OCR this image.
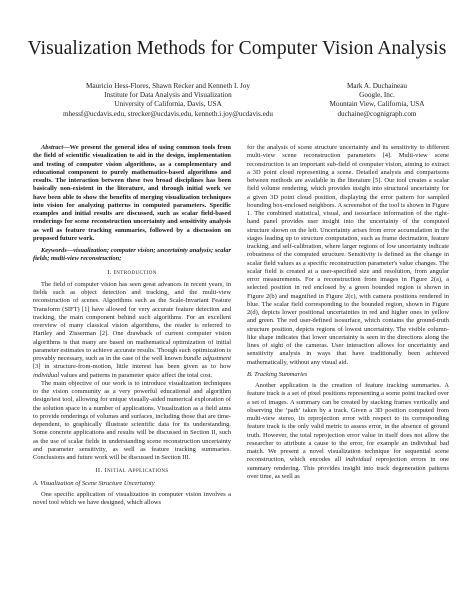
Visualization Methods for Computer Vision Analysis
Mauricio Hess-Flores, Shawn Recker and Kenneth I. Joy
Institute for Data Analysis and Visualization
University of California, Davis, USA
mhessf@ucdavis.edu, strecker@ucdavis.edu, kenneth.i.joy@ucdavis.edu
Mark A. Duchaineau
Google, Inc.
Mountain View, California, USA
duchaine@cognigraph.com

Abstract—We present the general idea of using common tools from the field of scientific visualization to aid in the design, implementation and testing of computer vision algorithms, as a complementary and educational component to purely mathematics-based algorithms and results. The interaction between these two broad disciplines has been basically non-existent in the literature, and through initial work we have been able to show the benefits of merging visualization techniques into vision for analyzing patterns in computed parameters. Specific examples and initial results are discussed, such as scalar field-based renderings for scene reconstruction uncertainty and sensitivity analysis as well as feature tracking summaries, followed by a discussion on proposed future work.

Keywords—visualization; computer vision; uncertainty analysis; scalar fields; multi-view reconstruction;

I. Introduction

The field of computer vision has seen great advances in recent years, in fields such as object detection and tracking, and the multi-view reconstruction of scenes. Algorithms such as the Scale-Invariant Feature Transform (SIFT) [1] have allowed for very accurate feature detection and tracking, the main component behind such algorithms. For an excellent overview of many classical vision algorithms, the reader is referred to Hartley and Zisserman [2]. One drawback of current computer vision algorithms is that many are based on mathematical optimization of initial parameter estimates to achieve accurate results. Though such optimization is provably necessary, such as in the case of the well known bundle adjustment [3] in structure-from-motion, little interest has been given as to how individual values and patterns in parameter space affect the total cost.

The main objective of our work is to introduce visualization techniques to the vision community as a very powerful educational and algorithm design/test tool, allowing for unique visually-aided numerical exploration of the solution space in a number of applications. Visualization as a field aims to provide renderings of volumes and surfaces, including those that are time-dependent, to graphically illustrate scientific data for its understanding. Some concrete applications and results will be discussed in Section II, such as the use of scalar fields in understanding scene reconstruction uncertainty and parameter sensitivity, as well as feature tracking summaries. Conclusions and future work will be discussed in Section III.

II. Initial Applications
A. Visualization of Scene Structure Uncertainty

One specific application of visualization in computer vision involves a novel tool which we have designed, which allows

for the analysis of scene structure uncertainty and its sensitivity to different multi-view scene reconstruction parameters [4]. Multi-view scene reconstruction is an important sub-field of computer vision, aiming to extract a 3D point cloud representing a scene. Detailed analysis and comparisons between methods are available in the literature [5]. Our tool creates a scalar field volume rendering, which provides insight into structural uncertainty for a given 3D point cloud position, displaying the error pattern for sampled bounding box-enclosed neighbors. A screenshot of the tool is shown in Figure 1. The combined statistical, visual, and isosurface information of the right-hand panel provides user insight into the uncertainty of the computed structure shown on the left. Uncertainty arises from error accumulation in the stages leading up to structure computation, such as frame decimation, feature tracking, and self-calibration, where larger regions of low uncertainty indicate robustness of the computed structure. Sensitivity is defined as the change in scalar field values as a specific reconstruction parameter's value changes. The scalar field is created at a user-specified size and resolution, from angular error measurements. For a reconstruction from images in Figure 2(a), a selected position in red enclosed by a green bounded region is shown in Figure 2(b) and magnified in Figure 2(c), with camera positions rendered in blue. The scalar field corresponding to the bounded region, shown in Figure 2(d), depicts lower positional uncertainties in red and higher ones in yellow and green. The red user-defined isosurface, which contains the ground-truth structure position, depicts regions of lowest uncertainty. The visible column-like shape indicates that lower uncertainty is seen in the directions along the lines of sight of the cameras. User interaction allows for uncertainty and sensitivity analysis in ways that have traditionally been achieved mathematically, without any visual aid.

B. Tracking Summaries

Another application is the creation of feature tracking summaries. A feature track is a set of pixel positions representing a scene point tracked over a set of images. A summary can be created by stacking frames vertically and observing the ‘path’ taken by a track. Given a 3D position computed from multi-view stereo, its reprojection error with respect to its corresponding feature track is the only valid metric to assess error, in the absence of ground truth. However, the total reprojection error value in itself does not allow the researcher to attribute a cause to the error, for example an individual bad match. We present a novel visualization technique for sequential scene reconstruction, which encodes all individual reprojection errors in one summary rendering. This provides insight into track degeneration patterns over time, as well as
